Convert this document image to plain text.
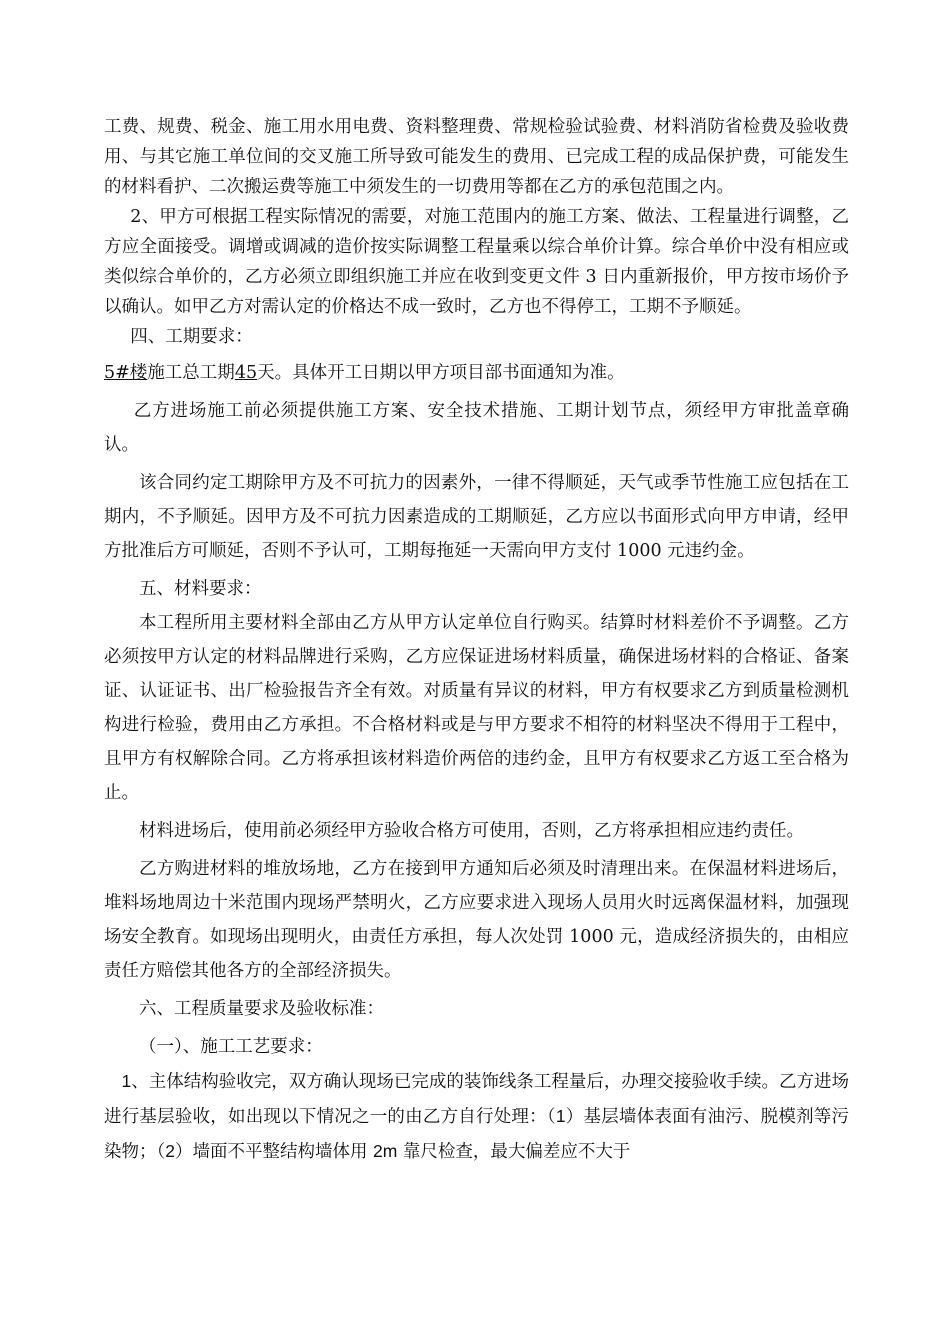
工费、规费、税金、施工用水用电费、资料整理费、常规检验试验费、材料消防省检费及验收费用、与其它施工单位间的交叉施工所导致可能发生的费用、已完成工程的成品保护费，可能发生的材料看护、二次搬运费等施工中须发生的一切费用等都在乙方的承包范围之内。

2、甲方可根据工程实际情况的需要，对施工范围内的施工方案、做法、工程量进行调整，乙方应全面接受。调增或调减的造价按实际调整工程量乘以综合单价计算。综合单价中没有相应或类似综合单价的，乙方必须立即组织施工并应在收到变更文件 3 日内重新报价，甲方按市场价予以确认。如甲乙方对需认定的价格达不成一致时，乙方也不得停工，工期不予顺延。

四、工期要求：

5#楼施工总工期45天。具体开工日期以甲方项目部书面通知为准。

乙方进场施工前必须提供施工方案、安全技术措施、工期计划节点，须经甲方审批盖章确认。

该合同约定工期除甲方及不可抗力的因素外，一律不得顺延，天气或季节性施工应包括在工期内，不予顺延。因甲方及不可抗力因素造成的工期顺延，乙方应以书面形式向甲方申请，经甲方批准后方可顺延，否则不予认可，工期每拖延一天需向甲方支付 1000 元违约金。

五、材料要求：

本工程所用主要材料全部由乙方从甲方认定单位自行购买。结算时材料差价不予调整。乙方必须按甲方认定的材料品牌进行采购，乙方应保证进场材料质量，确保进场材料的合格证、备案证、认证证书、出厂检验报告齐全有效。对质量有异议的材料，甲方有权要求乙方到质量检测机构进行检验，费用由乙方承担。不合格材料或是与甲方要求不相符的材料坚决不得用于工程中，且甲方有权解除合同。乙方将承担该材料造价两倍的违约金，且甲方有权要求乙方返工至合格为止。

材料进场后，使用前必须经甲方验收合格方可使用，否则，乙方将承担相应违约责任。

乙方购进材料的堆放场地，乙方在接到甲方通知后必须及时清理出来。在保温材料进场后，堆料场地周边十米范围内现场严禁明火，乙方应要求进入现场人员用火时远离保温材料，加强现场安全教育。如现场出现明火，由责任方承担，每人次处罚 1000 元，造成经济损失的，由相应责任方赔偿其他各方的全部经济损失。

六、工程质量要求及验收标准：

（一）、施工工艺要求：

1、主体结构验收完，双方确认现场已完成的装饰线条工程量后，办理交接验收手续。乙方进场进行基层验收，如出现以下情况之一的由乙方自行处理：（1）基层墙体表面有油污、脱模剂等污染物；（2）墙面不平整结构墙体用 2m 靠尺检查，最大偏差应不大于
